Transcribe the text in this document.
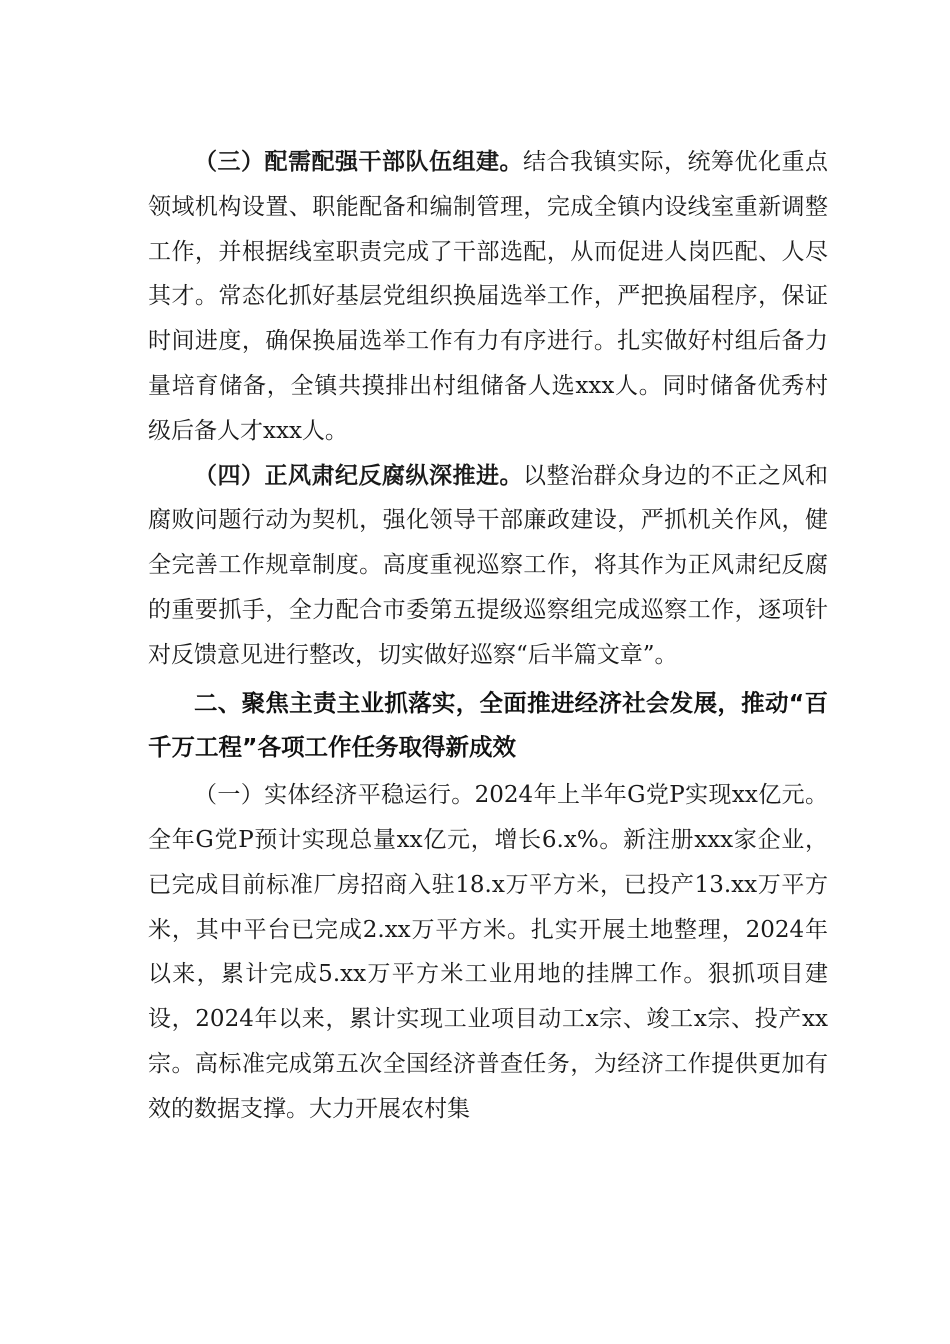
（三）配需配强干部队伍组建。结合我镇实际，统筹优化重点领域机构设置、职能配备和编制管理，完成全镇内设线室重新调整工作，并根据线室职责完成了干部选配，从而促进人岗匹配、人尽其才。常态化抓好基层党组织换届选举工作，严把换届程序，保证时间进度，确保换届选举工作有力有序进行。扎实做好村组后备力量培育储备，全镇共摸排出村组储备人选xxx人。同时储备优秀村级后备人才xxx人。

（四）正风肃纪反腐纵深推进。以整治群众身边的不正之风和腐败问题行动为契机，强化领导干部廉政建设，严抓机关作风，健全完善工作规章制度。高度重视巡察工作，将其作为正风肃纪反腐的重要抓手，全力配合市委第五提级巡察组完成巡察工作，逐项针对反馈意见进行整改，切实做好巡察“后半篇文章”。

二、聚焦主责主业抓落实，全面推进经济社会发展，推动“百千万工程”各项工作任务取得新成效

（一）实体经济平稳运行。2024年上半年G党P实现xx亿元。全年G党P预计实现总量xx亿元，增长6.x%。新注册xxx家企业，已完成目前标准厂房招商入驻18.x万平方米，已投产13.xx万平方米，其中平台已完成2.xx万平方米。扎实开展土地整理，2024年以来，累计完成5.xx万平方米工业用地的挂牌工作。狠抓项目建设，2024年以来，累计实现工业项目动工x宗、竣工x宗、投产xx宗。高标准完成第五次全国经济普查任务，为经济工作提供更加有效的数据支撑。大力开展农村集
